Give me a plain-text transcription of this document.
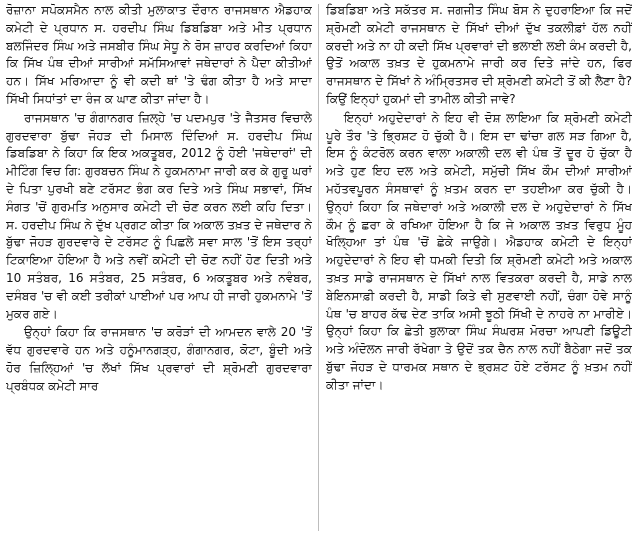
ਰੋਜ਼ਾਨਾ ਸਪੋਕਸਮੈਨ ਨਾਲ ਕੀਤੀ ਮੁਲਾਕਾਤ ਦੌਰਾਨ ਰਾਜਸਥਾਨ ਐਡਹਾਕ ਕਮੇਟੀ ਦੇ ਪ੍ਰਧਾਨ ਸ. ਹਰਦੀਪ ਸਿੰਘ ਡਿਬਡਿਬਾ ਅਤੇ ਮੀਤ ਪ੍ਰਧਾਨ ਬਲਜਿੰਦਰ ਸਿੰਘ ਅਤੇ ਜਸਬੀਰ ਸਿੰਘ ਸੇਧੂ ਨੇ ਰੋਸ ਜ਼ਾਹਰ ਕਰਦਿਆਂ ਕਿਹਾ ਕਿ ਸਿੱਖ ਪੰਥ ਦੀਆਂ ਸਾਰੀਆਂ ਸਮੱਸਿਆਵਾਂ ਜਥੇਦਾਰਾਂ ਨੇ ਪੈਦਾ ਕੀਤੀਆਂ ਹਨ। ਸਿੱਖ ਮਰਿਆਦਾ ਨੂੰ ਵੀ ਕਦੀ ਥਾਂ 'ਤੇ ਢੰਗ ਕੀਤਾ ਹੈ ਅਤੇ ਸਾਦਾ ਸਿੱਖੀ ਸਿਧਾਂਤਾਂ ਦਾ ਰੰਜ ਕ ਘਾਣ ਕੀਤਾ ਜਾਂਦਾ ਹੈ।

ਰਾਜਸਥਾਨ 'ਚ ਗੰਗਾਨਗਰ ਜ਼ਿਲ੍ਹੇ 'ਚ ਪਦਮਪੁਰ 'ਤੇ ਜੈਤਸਰ ਵਿਚਾਲੇ ਗੁਰਦਵਾਰਾ ਬੁੱਢਾ ਜੋਹੜ ਦੀ ਮਿਸਾਲ ਦਿੰਦਿਆਂ ਸ. ਹਰਦੀਪ ਸਿੰਘ ਡਿਬਡਿਬਾ ਨੇ ਕਿਹਾ ਕਿ ਇਕ ਅਕਤੂਬਰ, 2012 ਨੂੰ ਹੋਈ 'ਜਥੇਦਾਰਾਂ' ਦੀ ਮੀਟਿੰਗ ਵਿਚ ਗਿ: ਗੁਰਬਚਨ ਸਿੰਘ ਨੇ ਹੁਕਮਨਾਮਾ ਜਾਰੀ ਕਰ ਕੇ ਗੁਰੂ ਘਰਾਂ ਦੇ ਪਿਤਾ ਪੁਰਖੀ ਬਣੇ ਟਰੱਸਟ ਭੰਗ ਕਰ ਦਿਤੇ ਅਤੇ ਸਿੰਘ ਸਭਾਵਾਂ, ਸਿੱਖ ਸੰਗਤ 'ਚੋਂ ਗੁਰਮਤਿ ਅਨੁਸਾਰ ਕਮੇਟੀ ਦੀ ਚੋਣ ਕਰਨ ਲਈ ਕਹਿ ਦਿਤਾ। ਸ. ਹਰਦੀਪ ਸਿੰਘ ਨੇ ਦੁੱਖ ਪ੍ਰਗਟ ਕੀਤਾ ਕਿ ਅਕਾਲ ਤਖ਼ਤ ਦੇ ਜਥੇਦਾਰ ਨੇ ਬੁੱਢਾ ਜੋਹੜ ਗੁਰਦਵਾਰੇ ਦੇ ਟਰੱਸਟ ਨੂੰ ਪਿਛਲੇ ਸਵਾ ਸਾਲ 'ਤੋਂ ਇਸ ਤਰ੍ਹਾਂ ਟਿਕਾਇਆ ਹੋਇਆ ਹੈ ਅਤੇ ਨਵੀਂ ਕਮੇਟੀ ਦੀ ਚੋਣ ਨਹੀਂ ਹੋਣ ਦਿਤੀ ਅਤੇ 10 ਸਤੰਬਰ, 16 ਸਤੰਬਰ, 25 ਸਤੰਬਰ, 6 ਅਕਤੂਬਰ ਅਤੇ ਨਵੰਬਰ, ਦਸੰਬਰ 'ਚ ਵੀ ਕਈ ਤਰੀਕਾਂ ਪਾਈਆਂ ਪਰ ਆਪ ਹੀ ਜਾਰੀ ਹੁਕਮਨਾਮੇ 'ਤੋਂ ਮੁਕਰ ਗਏ।

ਉਨ੍ਹਾਂ ਕਿਹਾ ਕਿ ਰਾਜਸਥਾਨ 'ਚ ਕਰੋੜਾਂ ਦੀ ਆਮਦਨ ਵਾਲੇ 20 'ਤੋਂ ਵੱਧ ਗੁਰਦਵਾਰੇ ਹਨ ਅਤੇ ਹਨੂੰਮਾਨਗੜ੍ਹ, ਗੰਗਾਨਗਰ, ਕੋਟਾ, ਬੂੰਦੀ ਅਤੇ ਹੋਰ ਜ਼ਿਲ੍ਹਿਆਂ 'ਚ ਲੱਖਾਂ ਸਿੱਖ ਪ੍ਰਵਾਰਾਂ ਦੀ ਸ਼੍ਰੋਮਣੀ ਗੁਰਦਵਾਰਾ ਪ੍ਰਬੰਧਕ ਕਮੇਟੀ ਸਾਰ

ਡਿਬਡਿਬਾ ਅਤੇ ਸਕੱਤਰ ਸ. ਜਗਜੀਤ ਸਿੰਘ ਬੋਸ ਨੇ ਦੁਹਰਾਇਆ ਕਿ ਜਦੋਂ ਸ਼੍ਰੋਮਣੀ ਕਮੇਟੀ ਰਾਜਸਥਾਨ ਦੇ ਸਿੱਖਾਂ ਦੀਆਂ ਦੁੱਖ ਤਕਲੀਫ਼ਾਂ ਹੱਲ ਨਹੀਂ ਕਰਦੀ ਅਤੇ ਨਾ ਹੀ ਕਦੀ ਸਿੱਖ ਪ੍ਰਵਾਰਾਂ ਦੀ ਭਲਾਈ ਲਈ ਕੰਮ ਕਰਦੀ ਹੈ, ਉਤੋਂ ਅਕਾਲ ਤਖ਼ਤ ਦੇ ਹੁਕਮਨਾਮੇ ਜਾਰੀ ਕਰ ਦਿਤੇ ਜਾਂਦੇ ਹਨ, ਫਿਰ ਰਾਜਸਥਾਨ ਦੇ ਸਿੱਖਾਂ ਨੇ ਅੰਮ੍ਰਿਤਸਰ ਦੀ ਸ਼੍ਰੋਮਣੀ ਕਮੇਟੀ ਤੋਂ ਕੀ ਲੈਣਾ ਹੈ? ਕਿਉਂ ਇਨ੍ਹਾਂ ਹੁਕਮਾਂ ਦੀ ਤਾਮੀਲ ਕੀਤੀ ਜਾਵੇ?

ਇਨ੍ਹਾਂ ਅਹੁਦੇਦਾਰਾਂ ਨੇ ਇਹ ਵੀ ਦੋਸ਼ ਲਾਇਆ ਕਿ ਸ਼੍ਰੋਮਣੀ ਕਮੇਟੀ ਪੂਰੇ ਤੌਰ 'ਤੇ ਭ੍ਰਿਸ਼ਟ ਹੋ ਚੁੱਕੀ ਹੈ। ਇਸ ਦਾ ਢਾਂਚਾ ਗਲ ਸੜ ਗਿਆ ਹੈ, ਇਸ ਨੂੰ ਕੰਟਰੋਲ ਕਰਨ ਵਾਲਾ ਅਕਾਲੀ ਦਲ ਵੀ ਪੰਥ ਤੋਂ ਦੂਰ ਹੋ ਚੁੱਕਾ ਹੈ ਅਤੇ ਹੁਣ ਇਹ ਦਲ ਅਤੇ ਕਮੇਟੀ, ਸਮੁੱਚੀ ਸਿੱਖ ਕੌਮ ਦੀਆਂ ਸਾਰੀਆਂ ਮਹੱਤਵਪੂਰਨ ਸੰਸਥਾਵਾਂ ਨੂੰ ਖ਼ਤਮ ਕਰਨ ਦਾ ਤਹਈਆ ਕਰ ਚੁੱਕੀ ਹੈ। ਉਨ੍ਹਾਂ ਕਿਹਾ ਕਿ ਜਥੇਦਾਰਾਂ ਅਤੇ ਅਕਾਲੀ ਦਲ ਦੇ ਅਹੁਦੇਦਾਰਾਂ ਨੇ ਸਿੱਖ ਕੌਮ ਨੂੰ ਛਰਾ ਕੇ ਰਖਿਆ ਹੋਇਆ ਹੈ ਕਿ ਜੇ ਅਕਾਲ ਤਖ਼ਤ ਵਿਰੁਧ ਮੂੰਹ ਖੋਲ੍ਹਿਆ ਤਾਂ ਪੰਥ 'ਚੋਂ ਛੇਕੇ ਜਾਉਗੇ। ਐਡਹਾਕ ਕਮੇਟੀ ਦੇ ਇਨ੍ਹਾਂ ਅਹੁਦੇਦਾਰਾਂ ਨੇ ਇਹ ਵੀ ਧਮਕੀ ਦਿਤੀ ਕਿ ਸ਼੍ਰੋਮਣੀ ਕਮੇਟੀ ਅਤੇ ਅਕਾਲ ਤਖ਼ਤ ਸਾਡੇ ਰਾਜਸਥਾਨ ਦੇ ਸਿੱਖਾਂ ਨਾਲ ਵਿਤਕਰਾ ਕਰਦੀ ਹੈ, ਸਾਡੇ ਨਾਲ ਬੇਇਨਸਾਫ਼ੀ ਕਰਦੀ ਹੈ, ਸਾਡੀ ਕਿਤੇ ਵੀ ਸੁਣਵਾਈ ਨਹੀਂ, ਚੰਗਾ ਹੋਵੇ ਸਾਨੂੰ ਪੰਥ 'ਚ ਬਾਹਰ ਕੱਢ ਦੇਣ ਤਾਕਿ ਅਸੀ ਝੂਠੀ ਸਿੱਖੀ ਦੇ ਨਾਹਰੇ ਨਾ ਮਾਰੀਏ। ਉਨ੍ਹਾਂ ਕਿਹਾ ਕਿ ਛੇਤੀ ਬੁਲਾਕਾ ਸਿੰਘ ਸੰਘਰਸ਼ ਮੋਰਚਾ ਆਪਣੀ ਡਿਊਟੀ ਅਤੇ ਅੰਦੋਲਨ ਜਾਰੀ ਰੱਖੇਗਾ ਤੇ ਉਦੋਂ ਤਕ ਚੈਨ ਨਾਲ ਨਹੀਂ ਬੈਠੇਗਾ ਜਦੋਂ ਤਕ ਬੁੱਢਾ ਜੋਹੜ ਦੇ ਧਾਰਮਕ ਸਥਾਨ ਦੇ ਭ੍ਰਸ਼ਟ ਹੋਏ ਟਰੱਸਟ ਨੂੰ ਖ਼ਤਮ ਨਹੀਂ ਕੀਤਾ ਜਾਂਦਾ।
